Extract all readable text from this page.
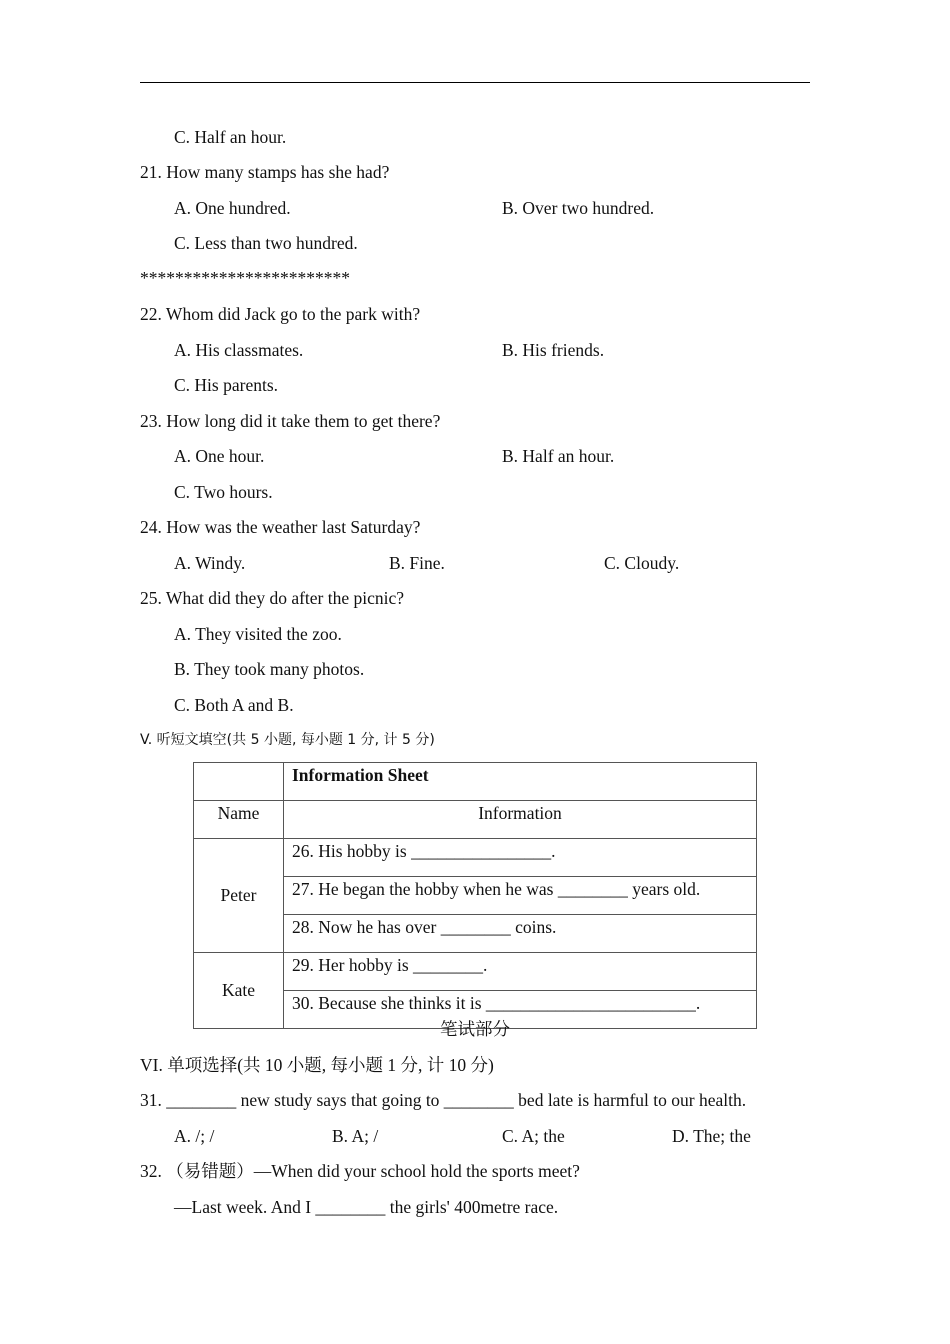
C. Half an hour.
21. How many stamps has she had?
A. One hundred.	B. Over two hundred.
C. Less than two hundred.
************************
22. Whom did Jack go to the park with?
A. His classmates.	B. His friends.
C. His parents.
23. How long did it take them to get there?
A. One hour.	B. Half an hour.
C. Two hours.
24. How was the weather last Saturday?
A. Windy.	B. Fine.	C. Cloudy.
25. What did they do after the picnic?
A. They visited the zoo.
B. They took many photos.
C. Both A and B.
V. 听短文填空(共 5 小题, 每小题 1 分, 计 5 分)
	Information Sheet
Name	Information
Peter	26. His hobby is ________________.
	27. He began the hobby when he was ________ years old.
	28. Now he has over ________ coins.
Kate	29. Her hobby is ________.
	30. Because she thinks it is ________________________.
笔试部分
VI. 单项选择(共 10 小题, 每小题 1 分, 计 10 分)
31. ________ new study says that going to ________ bed late is harmful to our health.
A. /; /	B. A; /	C. A; the	D. The; the
32. （易错题）—When did your school hold the sports meet?
—Last week. And I ________ the girls' 400metre race.
